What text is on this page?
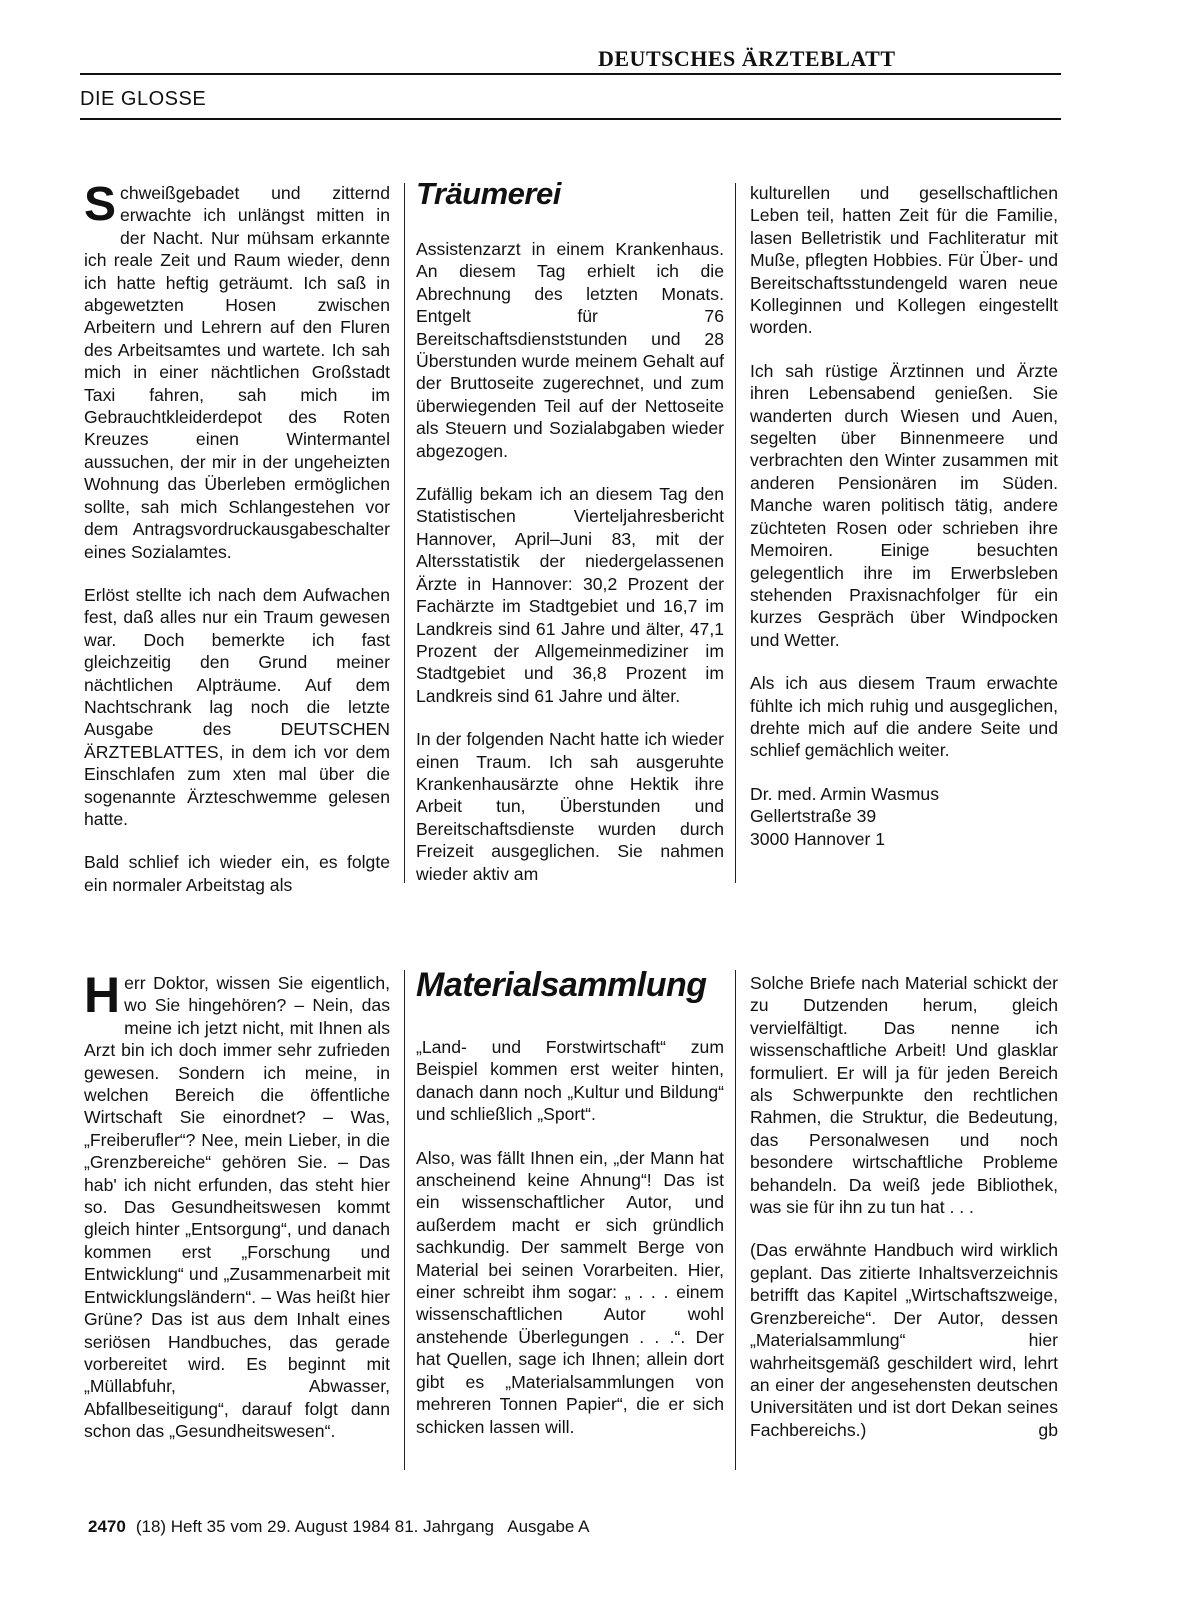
DEUTSCHES ÄRZTEBLATT
DIE GLOSSE

Schweißgebadet und zitternd erwachte ich unlängst mitten in der Nacht. Nur mühsam erkannte ich reale Zeit und Raum wieder, denn ich hatte heftig geträumt. Ich saß in abgewetzten Hosen zwischen Arbeitern und Lehrern auf den Fluren des Arbeitsamtes und wartete. Ich sah mich in einer nächtlichen Großstadt Taxi fahren, sah mich im Gebrauchtkleiderdepot des Roten Kreuzes einen Wintermantel aussuchen, der mir in der ungeheizten Wohnung das Überleben ermöglichen sollte, sah mich Schlangestehen vor dem Antragsvordruckausgabeschalter eines Sozialamtes.

Erlöst stellte ich nach dem Aufwachen fest, daß alles nur ein Traum gewesen war. Doch bemerkte ich fast gleichzeitig den Grund meiner nächtlichen Alpträume. Auf dem Nachtschrank lag noch die letzte Ausgabe des DEUTSCHEN ÄRZTEBLATTES, in dem ich vor dem Einschlafen zum xten mal über die sogenannte Ärzteschwemme gelesen hatte.

Bald schlief ich wieder ein, es folgte ein normaler Arbeitstag als

Träumerei

Assistenzarzt in einem Krankenhaus. An diesem Tag erhielt ich die Abrechnung des letzten Monats. Entgelt für 76 Bereitschaftsdienststunden und 28 Überstunden wurde meinem Gehalt auf der Bruttoseite zugerechnet, und zum überwiegenden Teil auf der Nettoseite als Steuern und Sozialabgaben wieder abgezogen.

Zufällig bekam ich an diesem Tag den Statistischen Vierteljahresbericht Hannover, April–Juni 83, mit der Altersstatistik der niedergelassenen Ärzte in Hannover: 30,2 Prozent der Fachärzte im Stadtgebiet und 16,7 im Landkreis sind 61 Jahre und älter, 47,1 Prozent der Allgemeinmediziner im Stadtgebiet und 36,8 Prozent im Landkreis sind 61 Jahre und älter.

In der folgenden Nacht hatte ich wieder einen Traum. Ich sah ausgeruhte Krankenhausärzte ohne Hektik ihre Arbeit tun, Überstunden und Bereitschaftsdienste wurden durch Freizeit ausgeglichen. Sie nahmen wieder aktiv am

kulturellen und gesellschaftlichen Leben teil, hatten Zeit für die Familie, lasen Belletristik und Fachliteratur mit Muße, pflegten Hobbies. Für Über- und Bereitschaftsstundengeld waren neue Kolleginnen und Kollegen eingestellt worden.

Ich sah rüstige Ärztinnen und Ärzte ihren Lebensabend genießen. Sie wanderten durch Wiesen und Auen, segelten über Binnenmeere und verbrachten den Winter zusammen mit anderen Pensionären im Süden. Manche waren politisch tätig, andere züchteten Rosen oder schrieben ihre Memoiren. Einige besuchten gelegentlich ihre im Erwerbsleben stehenden Praxisnachfolger für ein kurzes Gespräch über Windpocken und Wetter.

Als ich aus diesem Traum erwachte fühlte ich mich ruhig und ausgeglichen, drehte mich auf die andere Seite und schlief gemächlich weiter.

Dr. med. Armin Wasmus
Gellertstraße 39
3000 Hannover 1

Herr Doktor, wissen Sie eigentlich, wo Sie hingehören? – Nein, das meine ich jetzt nicht, mit Ihnen als Arzt bin ich doch immer sehr zufrieden gewesen. Sondern ich meine, in welchen Bereich die öffentliche Wirtschaft Sie einordnet? – Was, „Freiberufler“? Nee, mein Lieber, in die „Grenzbereiche“ gehören Sie. – Das hab' ich nicht erfunden, das steht hier so. Das Gesundheitswesen kommt gleich hinter „Entsorgung“, und danach kommen erst „Forschung und Entwicklung“ und „Zusammenarbeit mit Entwicklungsländern“. – Was heißt hier Grüne? Das ist aus dem Inhalt eines seriösen Handbuches, das gerade vorbereitet wird. Es beginnt mit „Müllabfuhr, Abwasser, Abfallbeseitigung“, darauf folgt dann schon das „Gesundheitswesen“.

Materialsammlung

„Land- und Forstwirtschaft“ zum Beispiel kommen erst weiter hinten, danach dann noch „Kultur und Bildung“ und schließlich „Sport“.

Also, was fällt Ihnen ein, „der Mann hat anscheinend keine Ahnung“! Das ist ein wissenschaftlicher Autor, und außerdem macht er sich gründlich sachkundig. Der sammelt Berge von Material bei seinen Vorarbeiten. Hier, einer schreibt ihm sogar: „ . . . einem wissenschaftlichen Autor wohl anstehende Überlegungen . . .“. Der hat Quellen, sage ich Ihnen; allein dort gibt es „Materialsammlungen von mehreren Tonnen Papier“, die er sich schicken lassen will.

Solche Briefe nach Material schickt der zu Dutzenden herum, gleich vervielfältigt. Das nenne ich wissenschaftliche Arbeit! Und glasklar formuliert. Er will ja für jeden Bereich als Schwerpunkte den rechtlichen Rahmen, die Struktur, die Bedeutung, das Personalwesen und noch besondere wirtschaftliche Probleme behandeln. Da weiß jede Bibliothek, was sie für ihn zu tun hat . . .

(Das erwähnte Handbuch wird wirklich geplant. Das zitierte Inhaltsverzeichnis betrifft das Kapitel „Wirtschaftszweige, Grenzbereiche“. Der Autor, dessen „Materialsammlung“ hier wahrheitsgemäß geschildert wird, lehrt an einer der angesehensten deutschen Universitäten und ist dort Dekan seines Fachbereichs.)	gb

2470 (18) Heft 35 vom 29. August 1984 81. Jahrgang   Ausgabe A
